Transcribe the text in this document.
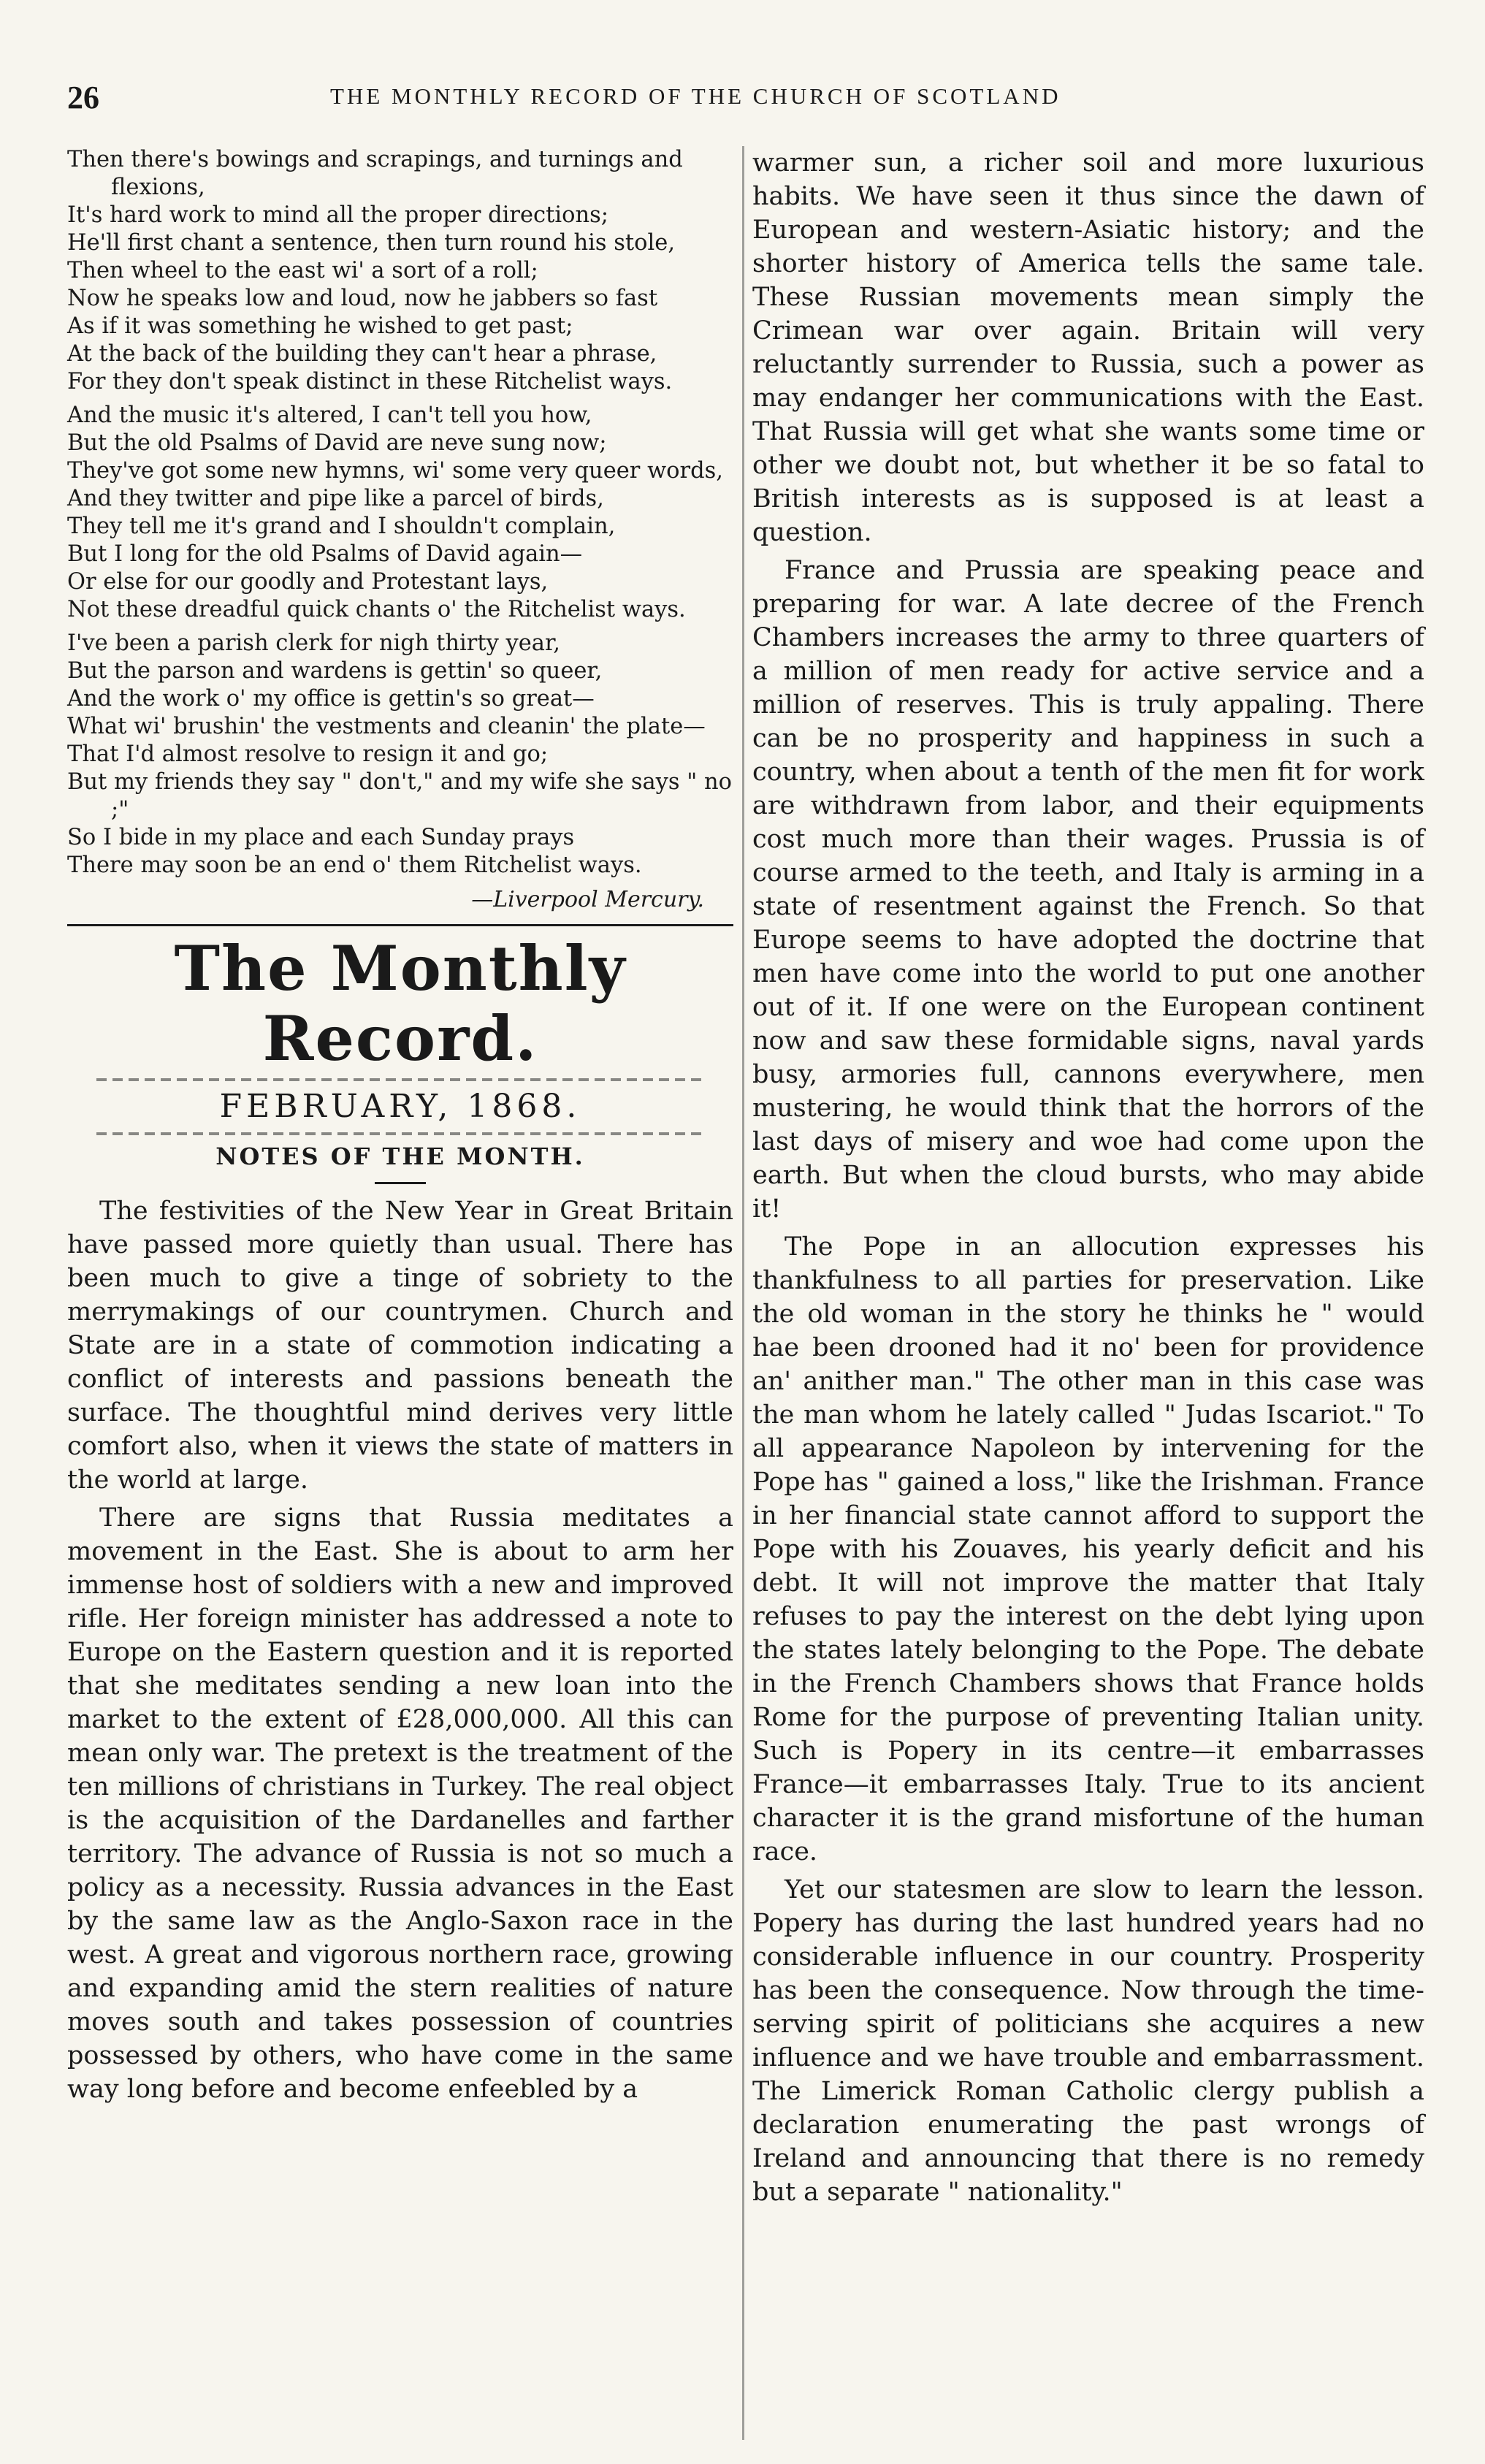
26	THE MONTHLY RECORD OF THE CHURCH OF SCOTLAND
Then there's bowings and scrapings, and turnings and flexions,
It's hard work to mind all the proper directions;
He'll first chant a sentence, then turn round his stole,
Then wheel to the east wi' a sort of a roll;
Now he speaks low and loud, now he jabbers so fast
As if it was something he wished to get past;
At the back of the building they can't hear a phrase,
For they don't speak distinct in these Ritchelist ways.
And the music it's altered, I can't tell you how,
But the old Psalms of David are neve sung now;
They've got some new hymns, wi' some very queer words,
And they twitter and pipe like a parcel of birds,
They tell me it's grand and I shouldn't complain,
But I long for the old Psalms of David again—
Or else for our goodly and Protestant lays,
Not these dreadful quick chants o' the Ritchelist ways.
I've been a parish clerk for nigh thirty year,
But the parson and wardens is gettin' so queer,
And the work o' my office is gettin's so great—
What wi' brushin' the vestments and cleanin' the plate—
That I'd almost resolve to resign it and go;
But my friends they say " don't," and my wife she says " no ;"
So I bide in my place and each Sunday prays
There may soon be an end o' them Ritchelist ways.
—Liverpool Mercury.
The Monthly Record.
FEBRUARY, 1868.
NOTES OF THE MONTH.

The festivities of the New Year in Great Britain have passed more quietly than usual. There has been much to give a tinge of sobriety to the merrymakings of our countrymen. Church and State are in a state of commotion indicating a conflict of interests and passions beneath the surface. The thoughtful mind derives very little comfort also, when it views the state of matters in the world at large.

There are signs that Russia meditates a movement in the East. She is about to arm her immense host of soldiers with a new and improved rifle. Her foreign minister has addressed a note to Europe on the Eastern question and it is reported that she meditates sending a new loan into the market to the extent of £28,000,000. All this can mean only war. The pretext is the treatment of the ten millions of christians in Turkey. The real object is the acquisition of the Dardanelles and farther territory. The advance of Russia is not so much a policy as a necessity. Russia advances in the East by the same law as the Anglo-Saxon race in the west. A great and vigorous northern race, growing and expanding amid the stern realities of nature moves south and takes possession of countries possessed by others, who have come in the same way long before and become enfeebled by a

warmer sun, a richer soil and more luxurious habits. We have seen it thus since the dawn of European and western-Asiatic history; and the shorter history of America tells the same tale. These Russian movements mean simply the Crimean war over again. Britain will very reluctantly surrender to Russia, such a power as may endanger her communications with the East. That Russia will get what she wants some time or other we doubt not, but whether it be so fatal to British interests as is supposed is at least a question.

France and Prussia are speaking peace and preparing for war. A late decree of the French Chambers increases the army to three quarters of a million of men ready for active service and a million of reserves. This is truly appaling. There can be no prosperity and happiness in such a country, when about a tenth of the men fit for work are withdrawn from labor, and their equipments cost much more than their wages. Prussia is of course armed to the teeth, and Italy is arming in a state of resentment against the French. So that Europe seems to have adopted the doctrine that men have come into the world to put one another out of it. If one were on the European continent now and saw these formidable signs, naval yards busy, armories full, cannons everywhere, men mustering, he would think that the horrors of the last days of misery and woe had come upon the earth. But when the cloud bursts, who may abide it!

The Pope in an allocution expresses his thankfulness to all parties for preservation. Like the old woman in the story he thinks he " would hae been drooned had it no' been for providence an' anither man." The other man in this case was the man whom he lately called " Judas Iscariot." To all appearance Napoleon by intervening for the Pope has " gained a loss," like the Irishman. France in her financial state cannot afford to support the Pope with his Zouaves, his yearly deficit and his debt. It will not improve the matter that Italy refuses to pay the interest on the debt lying upon the states lately belonging to the Pope. The debate in the French Chambers shows that France holds Rome for the purpose of preventing Italian unity. Such is Popery in its centre—it embarrasses France—it embarrasses Italy. True to its ancient character it is the grand misfortune of the human race.

Yet our statesmen are slow to learn the lesson. Popery has during the last hundred years had no considerable influence in our country. Prosperity has been the consequence. Now through the time-serving spirit of politicians she acquires a new influence and we have trouble and embarrassment. The Limerick Roman Catholic clergy publish a declaration enumerating the past wrongs of Ireland and announcing that there is no remedy but a separate " nationality."
